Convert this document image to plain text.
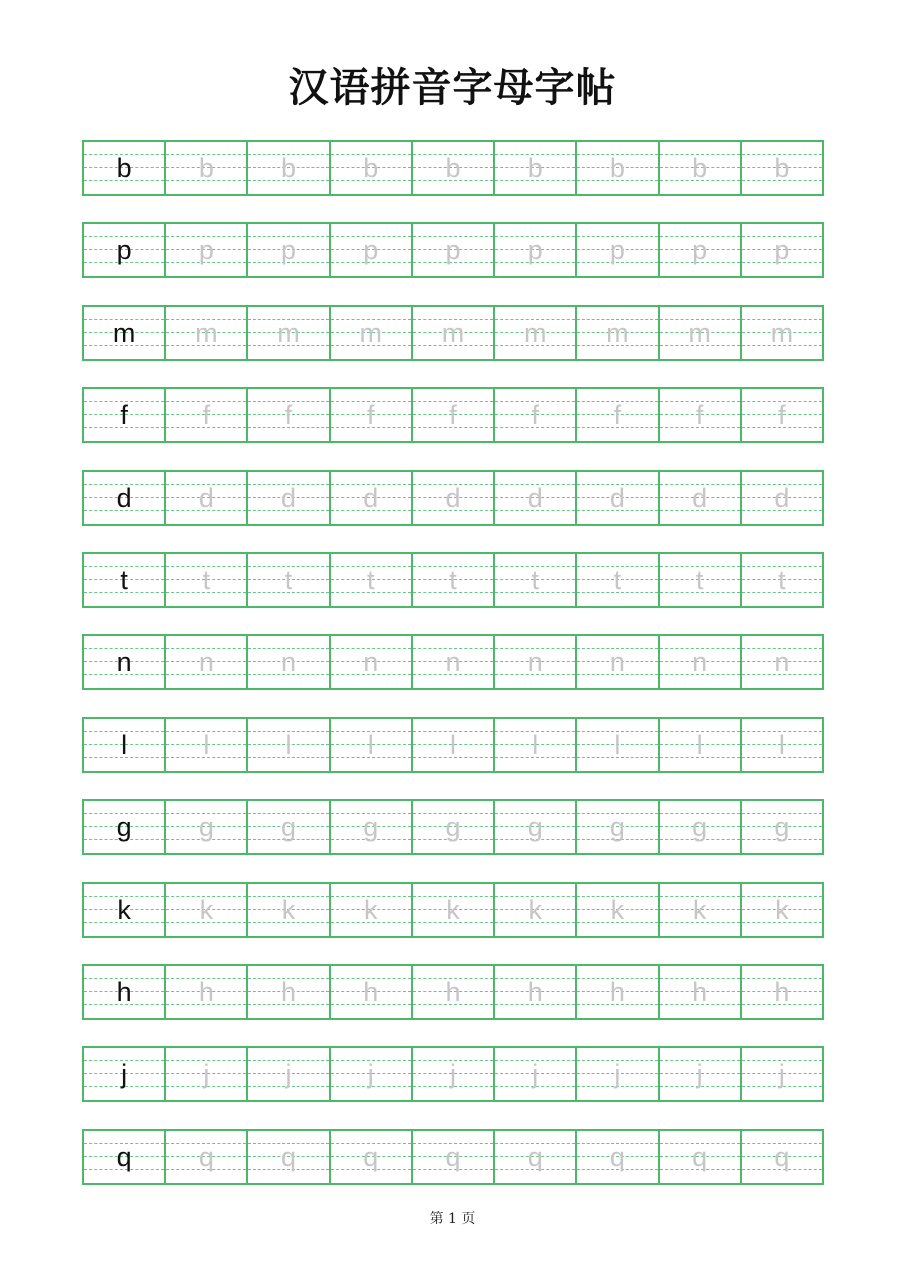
汉语拼音字母字帖
b	b	b	b	b	b	b	b	b
p	p	p	p	p	p	p	p	p
m	m	m	m	m	m	m	m	m
f	f	f	f	f	f	f	f	f
d	d	d	d	d	d	d	d	d
t	t	t	t	t	t	t	t	t
n	n	n	n	n	n	n	n	n
l	l	l	l	l	l	l	l	l
g	g	g	g	g	g	g	g	g
k	k	k	k	k	k	k	k	k
h	h	h	h	h	h	h	h	h
j	j	j	j	j	j	j	j	j
q	q	q	q	q	q	q	q	q
第 1 页
